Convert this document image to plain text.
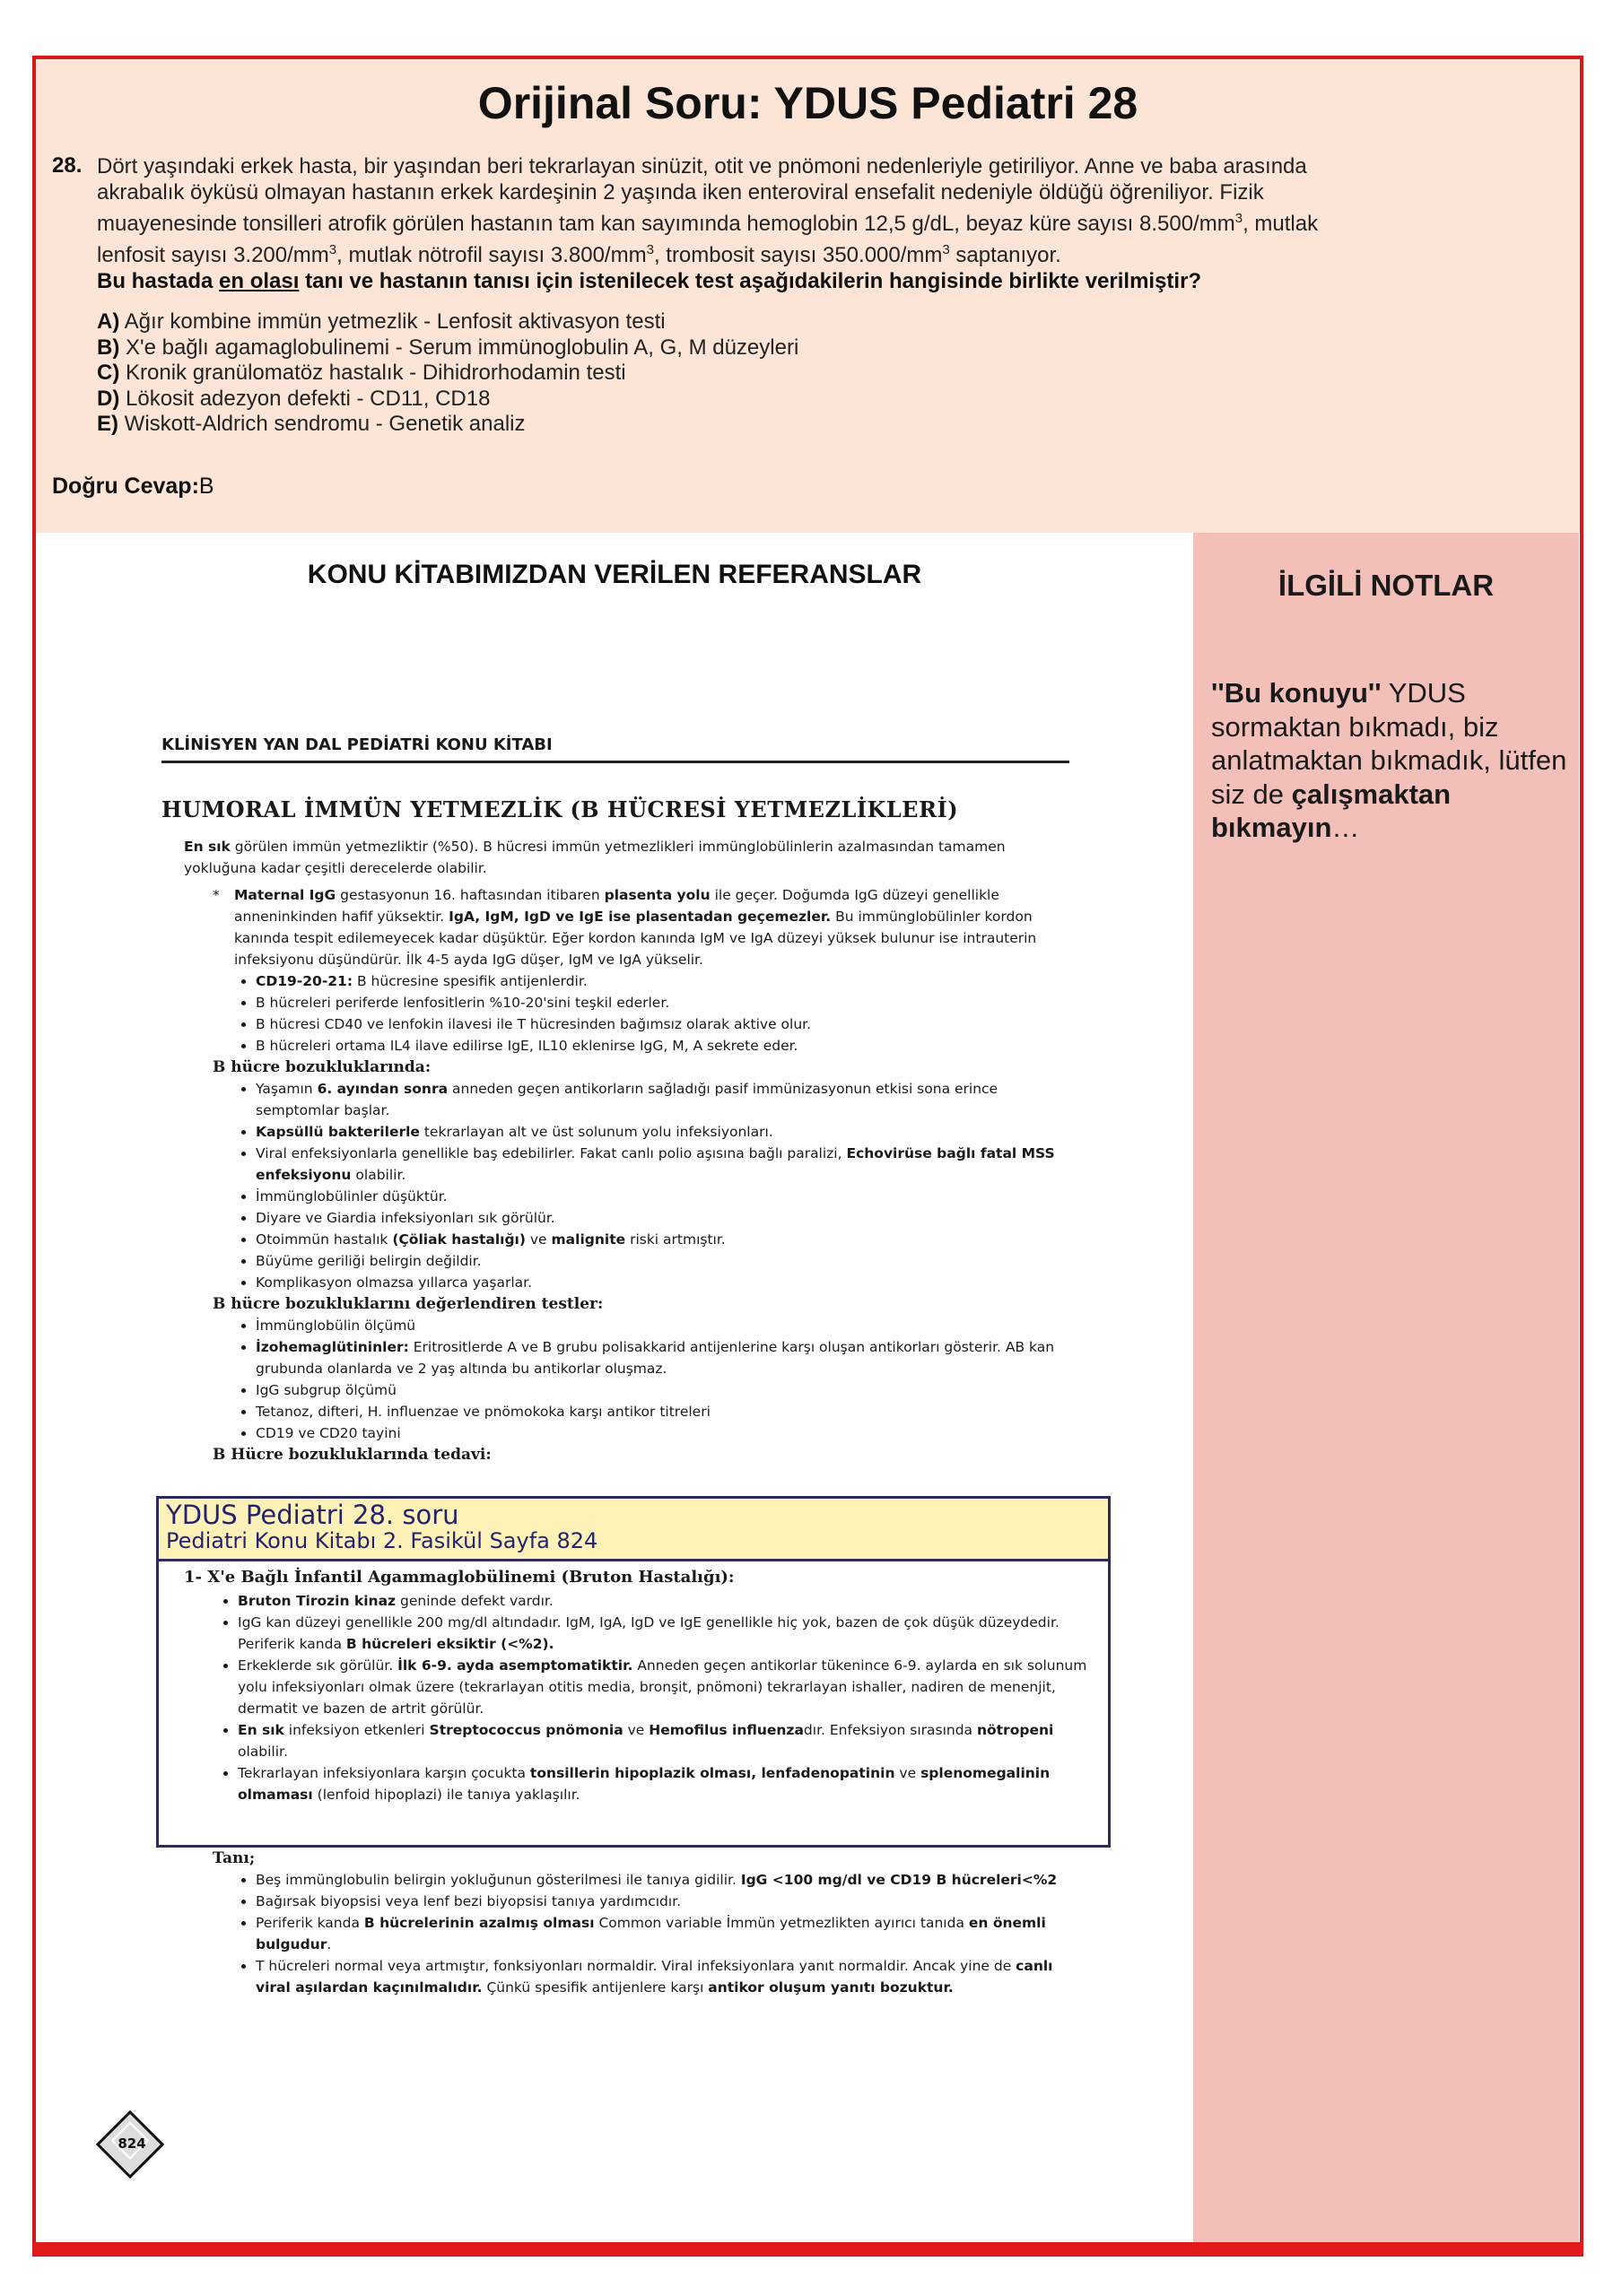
Orijinal Soru: YDUS Pediatri 28
28. Dört yaşındaki erkek hasta, bir yaşından beri tekrarlayan sinüzit, otit ve pnömoni nedenleriyle getiriliyor. Anne ve baba arasında
akrabalık öyküsü olmayan hastanın erkek kardeşinin 2 yaşında iken enteroviral ensefalit nedeniyle öldüğü öğreniliyor. Fizik
muayenesinde tonsilleri atrofik görülen hastanın tam kan sayımında hemoglobin 12,5 g/dL, beyaz küre sayısı $8.500/mm^3$, mutlak
lenfosit sayısı $3.200/mm^3$, mutlak nötrofil sayısı $3.800/mm^3$, trombosit sayısı $350.000/mm^3$ saptanıyor.
Bu hastada en olası tanı ve hastanın tanısı için istenilecek test aşağıdakilerin hangisinde birlikte verilmiştir?
A) Ağır kombine immün yetmezlik - Lenfosit aktivasyon testi
B) X'e bağlı agamaglobulinemi - Serum immünoglobulin A, G, M düzeyleri
C) Kronik granülomatöz hastalık - Dihidrorhodamin testi
D) Lökosit adezyon defekti - CD11, CD18
E) Wiskott-Aldrich sendromu - Genetik analiz
Doğru Cevap:B
KONU KİTABIMIZDAN VERİLEN REFERANSLAR
KLİNİSYEN YAN DAL PEDİATRİ KONU KİTABI
HUMORAL İMMÜN YETMEZLİK (B HÜCRESİ YETMEZLİKLERİ)

En sık görülen immün yetmezliktir (%50). B hücresi immün yetmezlikleri immünglobülinlerin azalmasından tamamen yokluğuna kadar çeşitli derecelerde olabilir.

* Maternal IgG gestasyonun 16. haftasından itibaren plasenta yolu ile geçer. Doğumda IgG düzeyi genellikle anneninkinden hafif yüksektir. IgA, IgM, IgD ve IgE ise plasentadan geçemezler. Bu immünglobülinler kordon kanında tespit edilemeyecek kadar düşüktür. Eğer kordon kanında IgM ve IgA düzeyi yüksek bulunur ise intrauterin infeksiyonu düşündürür. İlk 4-5 ayda IgG düşer, IgM ve IgA yükselir.
• CD19-20-21: B hücresine spesifik antijenlerdir.
• B hücreleri periferde lenfositlerin %10-20'sini teşkil ederler.
• B hücresi CD40 ve lenfokin ilavesi ile T hücresinden bağımsız olarak aktive olur.
• B hücreleri ortama IL4 ilave edilirse IgE, IL10 eklenirse IgG, M, A sekrete eder.
B hücre bozukluklarında:
• Yaşamın 6. ayından sonra anneden geçen antikorların sağladığı pasif immünizasyonun etkisi sona erince semptomlar başlar.
• Kapsüllü bakterilerle tekrarlayan alt ve üst solunum yolu infeksiyonları.
• Viral enfeksiyonlarla genellikle baş edebilirler. Fakat canlı polio aşısına bağlı paralizi, Echovirüse bağlı fatal MSS enfeksiyonu olabilir.
• İmmünglobülinler düşüktür.
• Diyare ve Giardia infeksiyonları sık görülür.
• Otoimmün hastalık (Çöliak hastalığı) ve malignite riski artmıştır.
• Büyüme geriliği belirgin değildir.
• Komplikasyon olmazsa yıllarca yaşarlar.
B hücre bozukluklarını değerlendiren testler:
• İmmünglobülin ölçümü
• İzohemaglütininler: Eritrositlerde A ve B grubu polisakkarid antijenlerine karşı oluşan antikorları gösterir. AB kan grubunda olanlarda ve 2 yaş altında bu antikorlar oluşmaz.
• IgG subgrup ölçümü
• Tetanoz, difteri, H. influenzae ve pnömokoka karşı antikor titreleri
• CD19 ve CD20 tayini
B Hücre bozukluklarında tedavi:
YDUS Pediatri 28. soru
Pediatri Konu Kitabı 2. Fasikül Sayfa 824
1- X'e Bağlı İnfantil Agammaglobülinemi (Bruton Hastalığı):
• Bruton Tirozin kinaz geninde defekt vardır.
• IgG kan düzeyi genellikle 200 mg/dl altındadır. IgM, IgA, IgD ve IgE genellikle hiç yok, bazen de çok düşük düzeydedir. Periferik kanda B hücreleri eksiktir (<%2).
• Erkeklerde sık görülür. İlk 6-9. ayda asemptomatiktir. Anneden geçen antikorlar tükenince 6-9. aylarda en sık solunum yolu infeksiyonları olmak üzere (tekrarlayan otitis media, bronşit, pnömoni) tekrarlayan ishaller, nadiren de menenjit, dermatit ve bazen de artrit görülür.
• En sık infeksiyon etkenleri Streptococcus pnömonia ve Hemofilus influenzadır. Enfeksiyon sırasında nötropeni olabilir.
• Tekrarlayan infeksiyonlara karşın çocukta tonsillerin hipoplazik olması, lenfadenopatinin ve splenomegalinin olmaması (lenfoid hipoplazi) ile tanıya yaklaşılır.
Tanı;
• Beş immünglobulin belirgin yokluğunun gösterilmesi ile tanıya gidilir. IgG <100 mg/dl ve CD19 B hücreleri<%2
• Bağırsak biyopsisi veya lenf bezi biyopsisi tanıya yardımcıdır.
• Periferik kanda B hücrelerinin azalmış olması Common variable İmmün yetmezlikten ayırıcı tanıda en önemli bulgudur.
• T hücreleri normal veya artmıştır, fonksiyonları normaldir. Viral infeksiyonlara yanıt normaldir. Ancak yine de canlı viral aşılardan kaçınılmalıdır. Çünkü spesifik antijenlere karşı antikor oluşum yanıtı bozuktur.
824
İLGİLİ NOTLAR
''Bu konuyu'' YDUS sormaktan bıkmadı, biz anlatmaktan bıkmadık, lütfen siz de çalışmaktan bıkmayın…
